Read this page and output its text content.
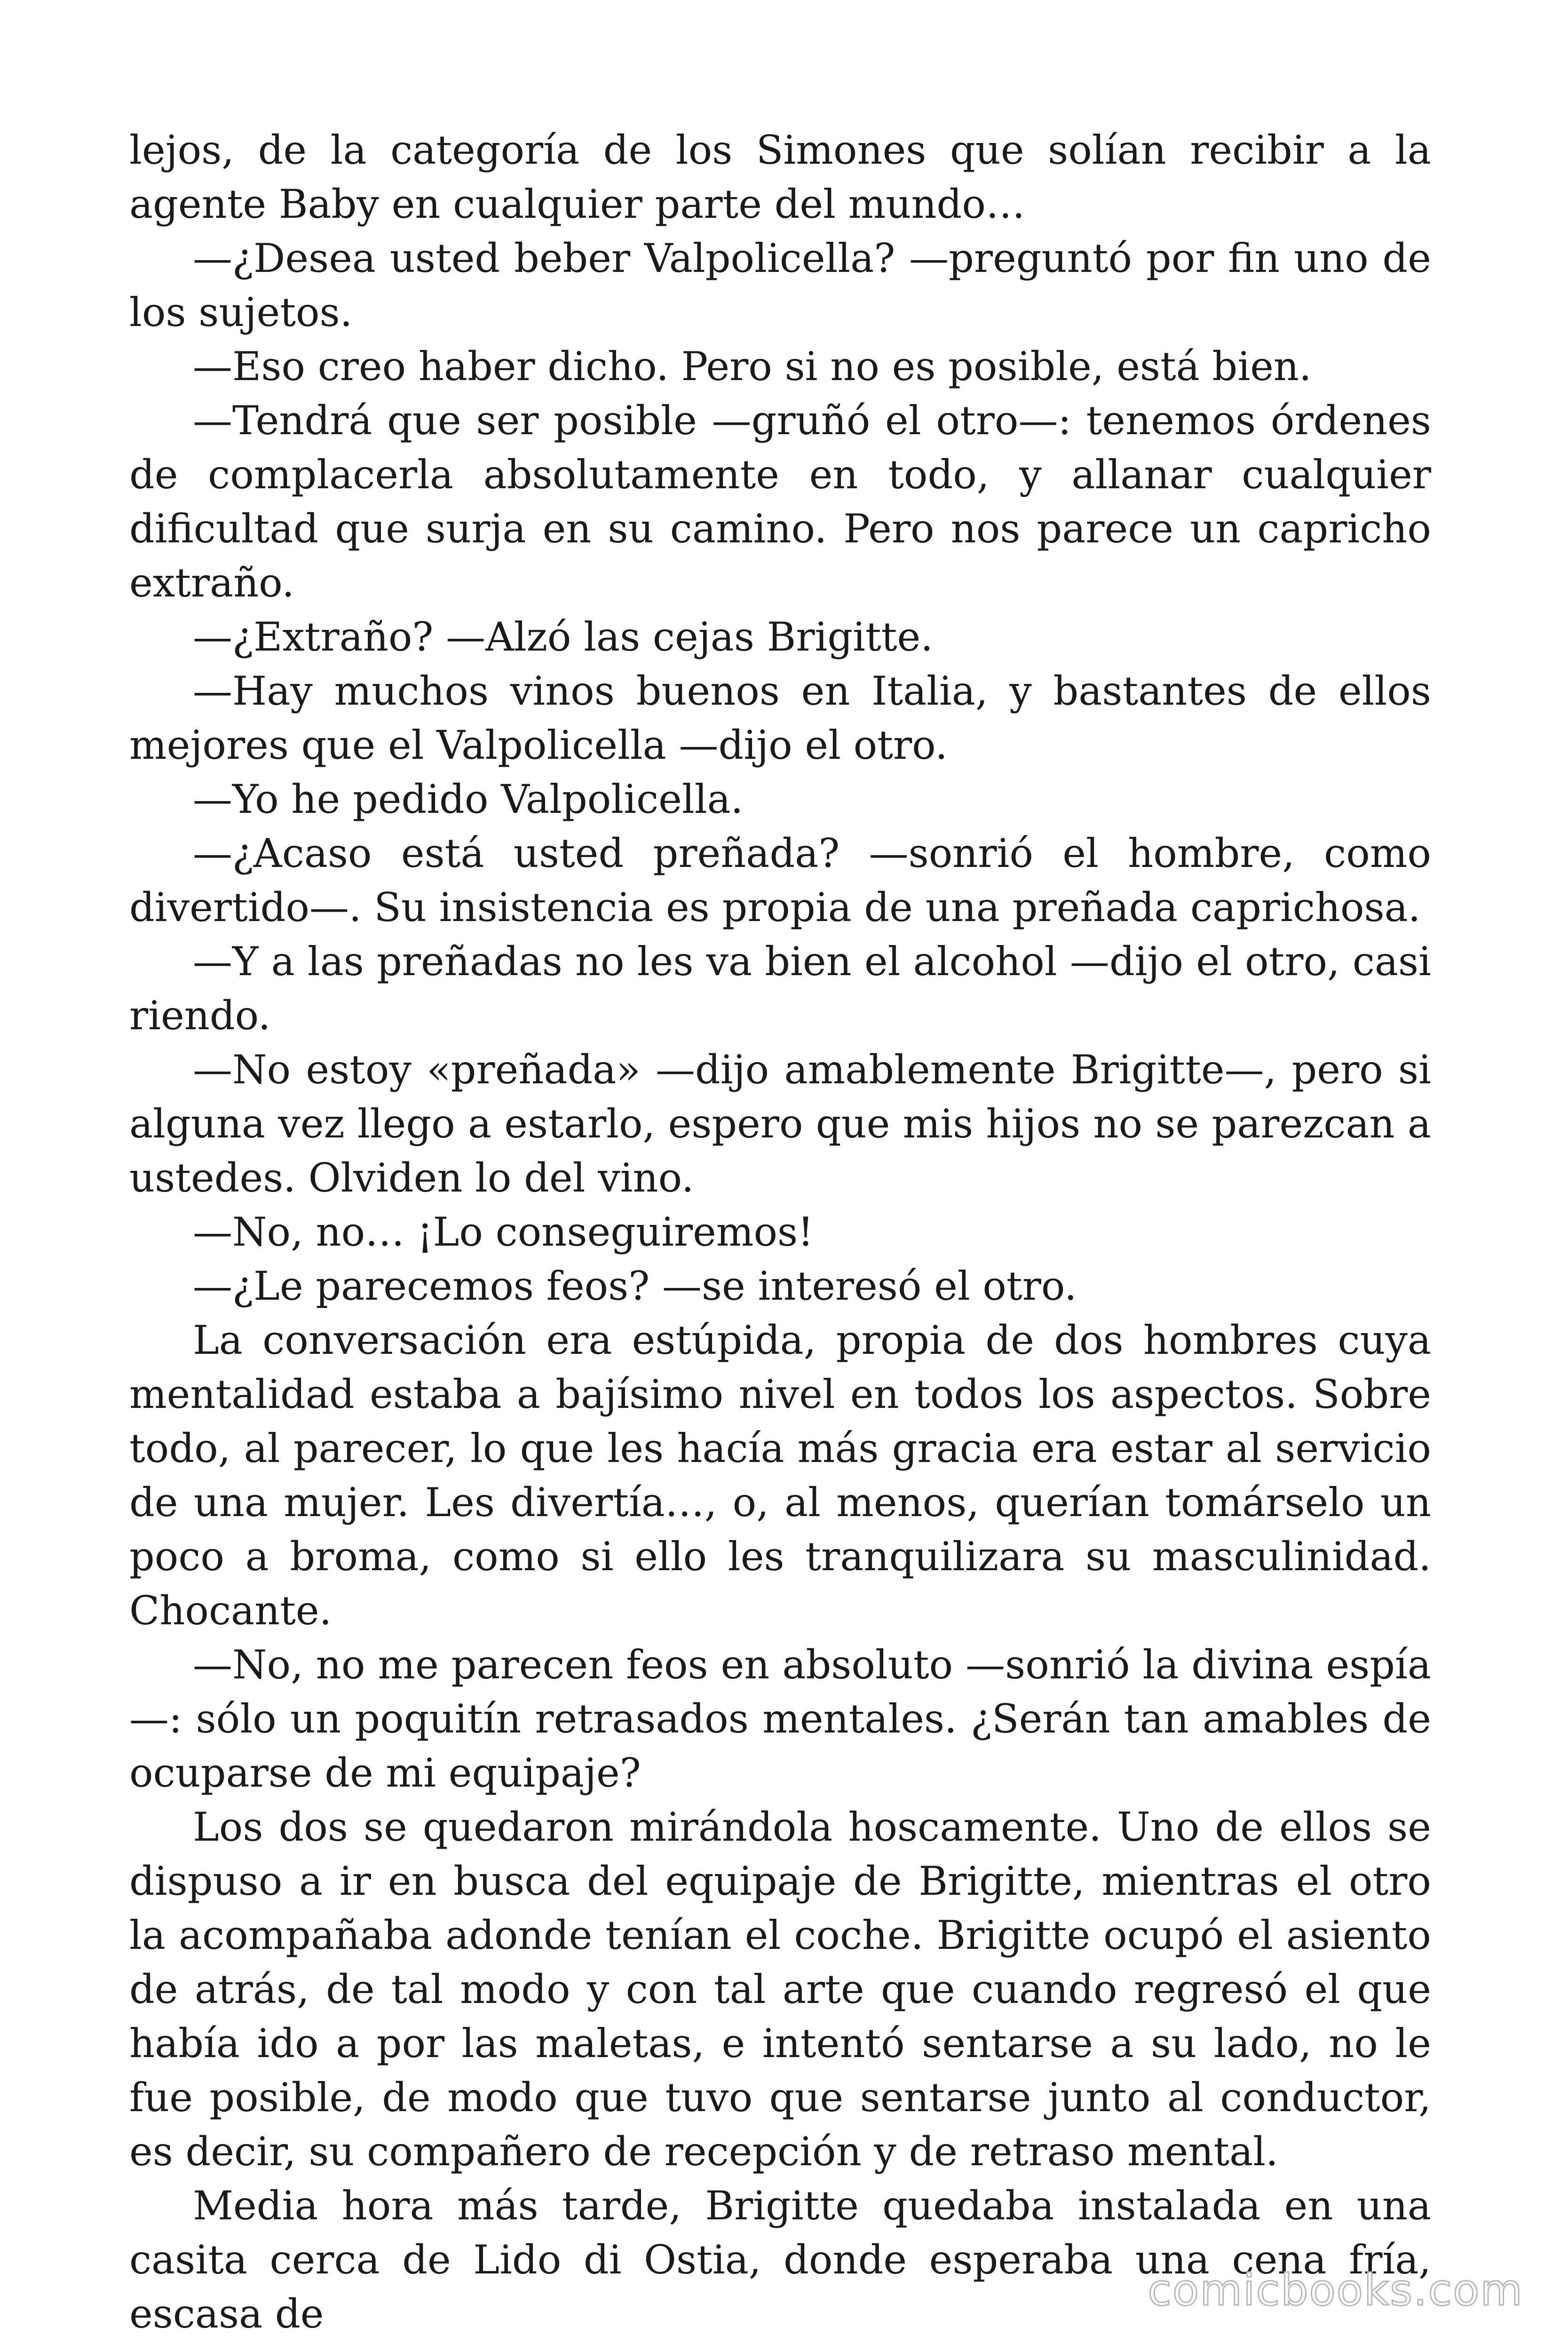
lejos, de la categoría de los Simones que solían recibir a la agente Baby en cualquier parte del mundo…

—¿Desea usted beber Valpolicella? —preguntó por fin uno de los sujetos.

—Eso creo haber dicho. Pero si no es posible, está bien.

—Tendrá que ser posible —gruñó el otro—: tenemos órdenes de complacerla absolutamente en todo, y allanar cualquier dificultad que surja en su camino. Pero nos parece un capricho extraño.

—¿Extraño? —Alzó las cejas Brigitte.

—Hay muchos vinos buenos en Italia, y bastantes de ellos mejores que el Valpolicella —dijo el otro.

—Yo he pedido Valpolicella.

—¿Acaso está usted preñada? —sonrió el hombre, como divertido—. Su insistencia es propia de una preñada caprichosa.

—Y a las preñadas no les va bien el alcohol —dijo el otro, casi riendo.

—No estoy «preñada» —dijo amablemente Brigitte—, pero si alguna vez llego a estarlo, espero que mis hijos no se parezcan a ustedes. Olviden lo del vino.

—No, no… ¡Lo conseguiremos!

—¿Le parecemos feos? —se interesó el otro.

La conversación era estúpida, propia de dos hombres cuya mentalidad estaba a bajísimo nivel en todos los aspectos. Sobre todo, al parecer, lo que les hacía más gracia era estar al servicio de una mujer. Les divertía…, o, al menos, querían tomárselo un poco a broma, como si ello les tranquilizara su masculinidad. Chocante.

—No, no me parecen feos en absoluto —sonrió la divina espía—: sólo un poquitín retrasados mentales. ¿Serán tan amables de ocuparse de mi equipaje?

Los dos se quedaron mirándola hoscamente. Uno de ellos se dispuso a ir en busca del equipaje de Brigitte, mientras el otro la acompañaba adonde tenían el coche. Brigitte ocupó el asiento de atrás, de tal modo y con tal arte que cuando regresó el que había ido a por las maletas, e intentó sentarse a su lado, no le fue posible, de modo que tuvo que sentarse junto al conductor, es decir, su compañero de recepción y de retraso mental.

Media hora más tarde, Brigitte quedaba instalada en una casita cerca de Lido di Ostia, donde esperaba una cena fría, escasa de	comicbooks.com
